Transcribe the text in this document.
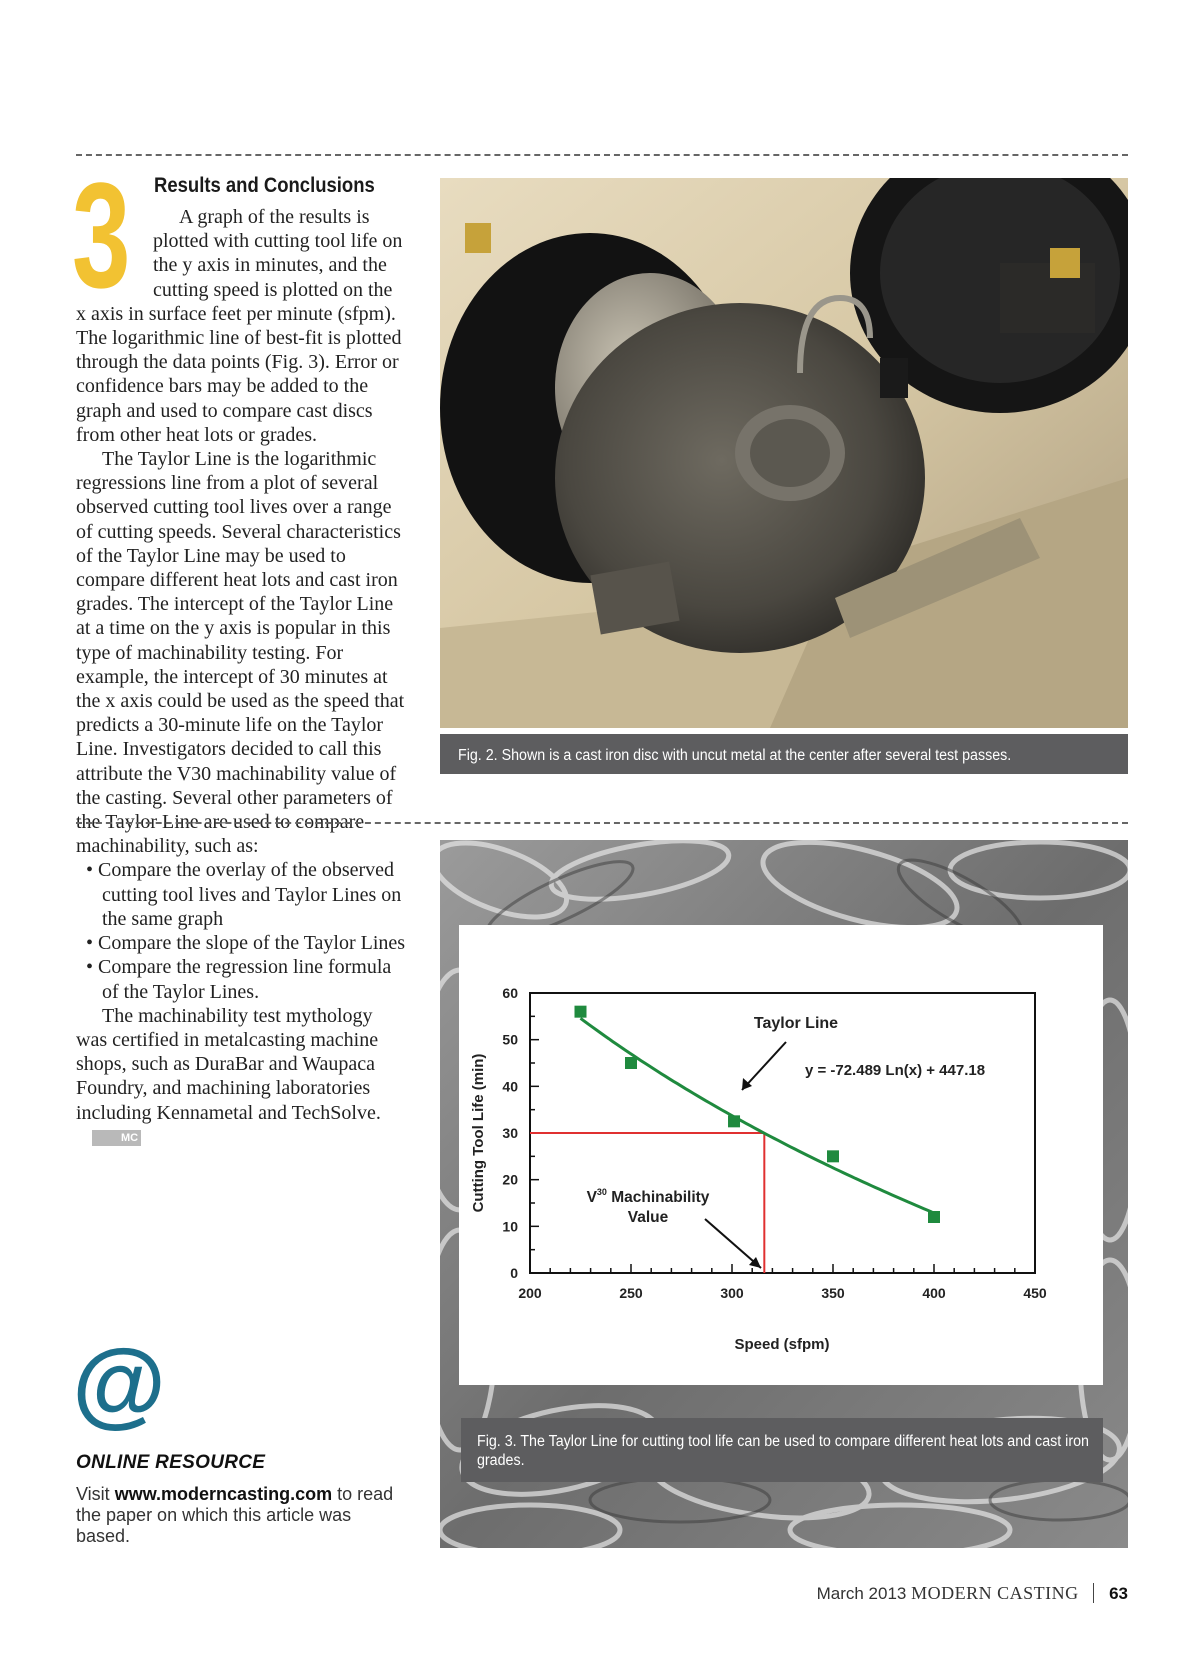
3 Results and Conclusions

A graph of the results is plotted with cutting tool life on the y axis in minutes, and the cutting speed is plotted on the x axis in surface feet per minute (sfpm). The logarithmic line of best-fit is plotted through the data points (Fig. 3). Error or confidence bars may be added to the graph and used to compare cast discs from other heat lots or grades.

The Taylor Line is the logarithmic regressions line from a plot of several observed cutting tool lives over a range of cutting speeds. Several characteristics of the Taylor Line may be used to compare different heat lots and cast iron grades. The intercept of the Taylor Line at a time on the y axis is popular in this type of machinability testing. For example, the intercept of 30 minutes at the x axis could be used as the speed that predicts a 30-minute life on the Taylor Line. Investigators decided to call this attribute the V30 machinability value of the casting. Several other parameters of the Taylor Line are used to compare machinability, such as:

• Compare the overlay of the observed cutting tool lives and Taylor Lines on the same graph
• Compare the slope of the Taylor Lines
• Compare the regression line formula of the Taylor Lines.

The machinability test mythology was certified in metalcasting machine shops, such as DuraBar and Waupaca Foundry, and machining laboratories including Kennametal and TechSolve.MC

@
ONLINE RESOURCE
Visit www.moderncasting.com to read the paper on which this article was based.
Fig. 2. Shown is a cast iron disc with uncut metal at the center after several test passes.
200	250	300	350	400	450
0
10
20
30
40
50
60
Taylor Line
y = -72.489 Ln(x) + 447.18
$V^{30}$ Machinability
Value
Speed (sfpm)
Cutting Tool Life (min)
Fig. 3. The Taylor Line for cutting tool life can be used to compare different heat lots and cast iron grades.
March 2013 MODERN CASTING 63
